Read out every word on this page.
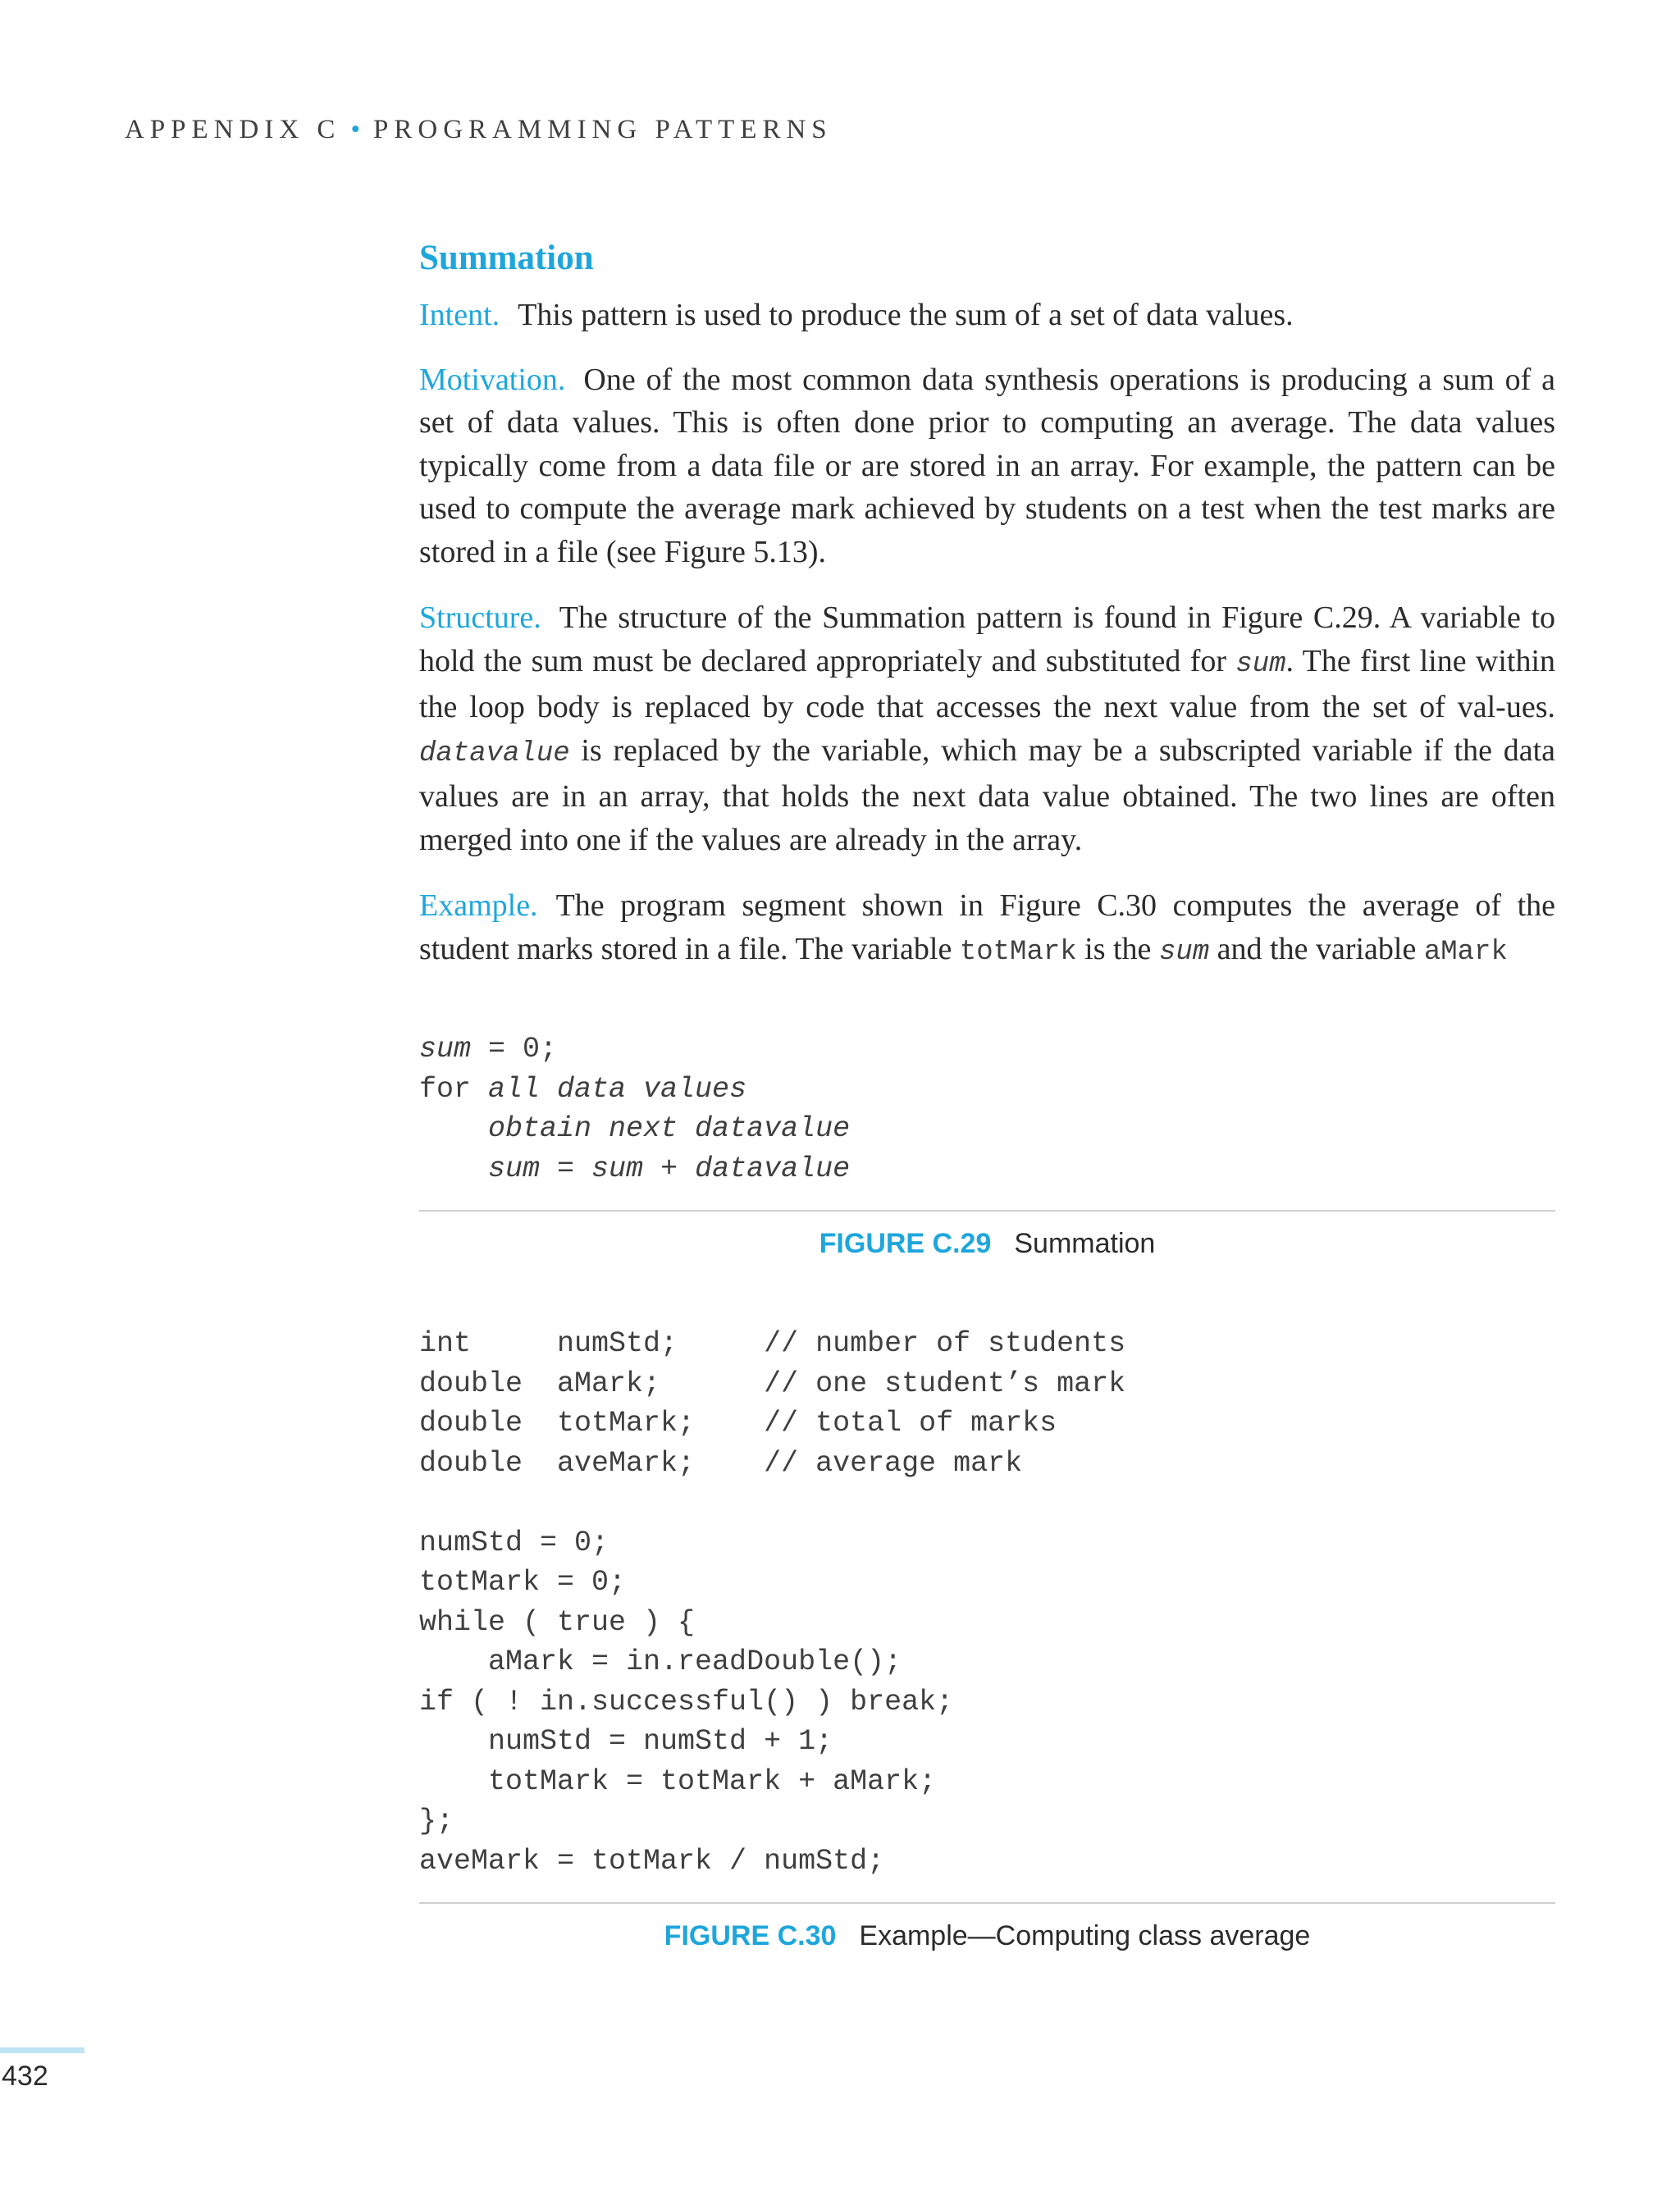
APPENDIX C • PROGRAMMING PATTERNS
Summation

Intent. This pattern is used to produce the sum of a set of data values.

Motivation. One of the most common data synthesis operations is producing a sum of a set of data values. This is often done prior to computing an average. The data values typically come from a data file or are stored in an array. For example, the pattern can be used to compute the average mark achieved by students on a test when the test marks are stored in a file (see Figure 5.13).

Structure. The structure of the Summation pattern is found in Figure C.29. A variable to hold the sum must be declared appropriately and substituted for sum. The first line within the loop body is replaced by code that accesses the next value from the set of val-ues. datavalue is replaced by the variable, which may be a subscripted variable if the data values are in an array, that holds the next data value obtained. The two lines are often merged into one if the values are already in the array.

Example. The program segment shown in Figure C.30 computes the average of the student marks stored in a file. The variable totMark is the sum and the variable aMark

sum = 0;
for all data values
obtain next datavalue
sum = sum + datavalue
FIGURE C.29 Summation
int     numStd;     // number of students
double  aMark;      // one student’s mark
double  totMark;    // total of marks
double  aveMark;    // average mark

numStd = 0;
totMark = 0;
while ( true ) {
aMark = in.readDouble();
if ( ! in.successful() ) break;
numStd = numStd + 1;
totMark = totMark + aMark;
};
aveMark = totMark / numStd;
FIGURE C.30 Example—Computing class average
432
